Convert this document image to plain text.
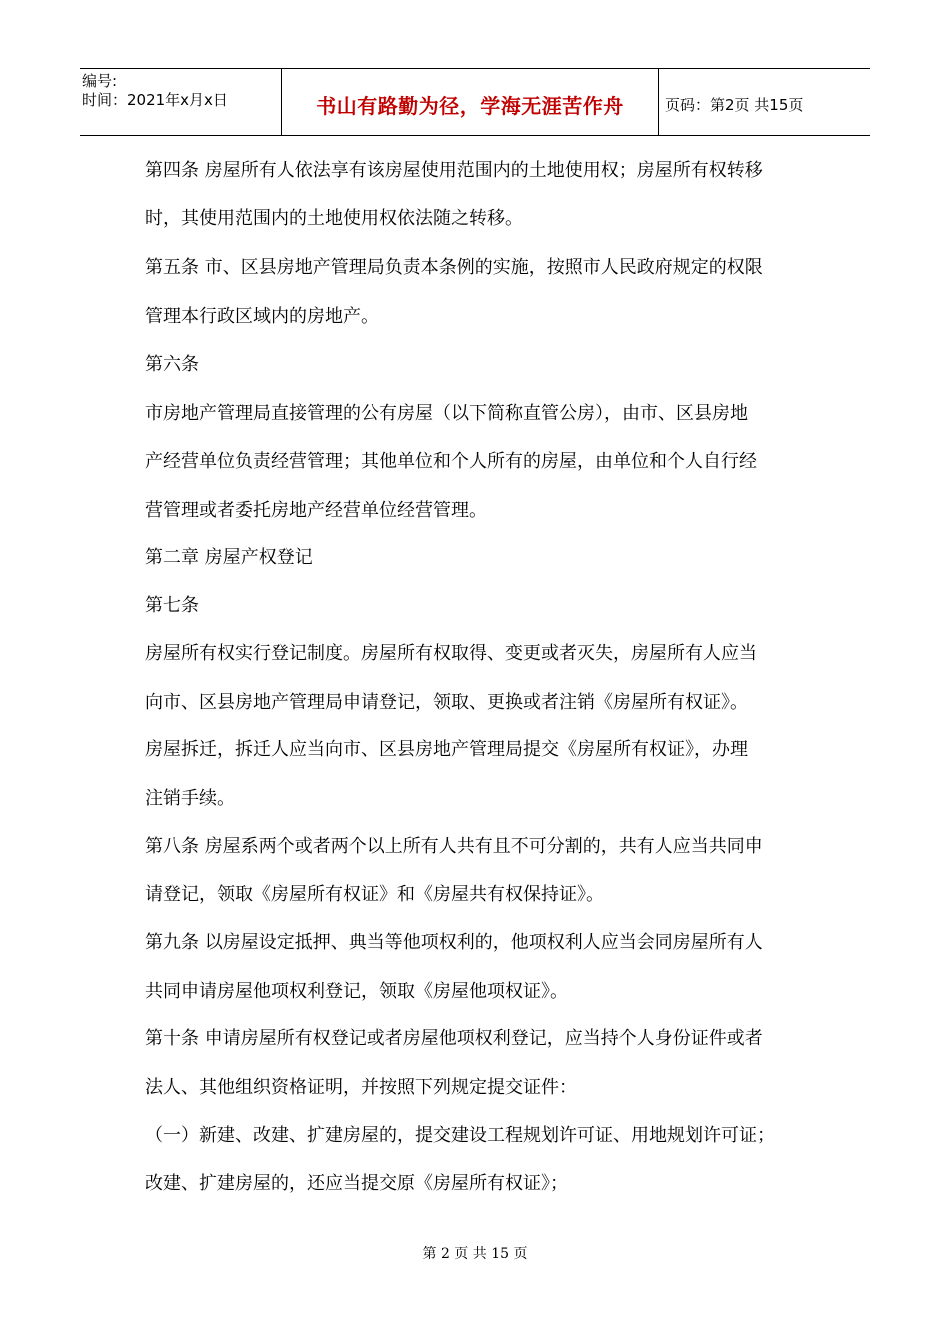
编号:
时间：2021年x月x日	书山有路勤为径，学海无涯苦作舟	页码：第2页 共15页
第四条 房屋所有人依法享有该房屋使用范围内的土地使用权；房屋所有权转移
时，其使用范围内的土地使用权依法随之转移。
第五条 市、区县房地产管理局负责本条例的实施，按照市人民政府规定的权限
管理本行政区域内的房地产。
第六条
市房地产管理局直接管理的公有房屋（以下简称直管公房），由市、区县房地
产经营单位负责经营管理；其他单位和个人所有的房屋，由单位和个人自行经
营管理或者委托房地产经营单位经营管理。
第二章 房屋产权登记
第七条
房屋所有权实行登记制度。房屋所有权取得、变更或者灭失，房屋所有人应当
向市、区县房地产管理局申请登记，领取、更换或者注销《房屋所有权证》。
房屋拆迁，拆迁人应当向市、区县房地产管理局提交《房屋所有权证》，办理
注销手续。
第八条 房屋系两个或者两个以上所有人共有且不可分割的，共有人应当共同申
请登记，领取《房屋所有权证》和《房屋共有权保持证》。
第九条 以房屋设定抵押、典当等他项权利的，他项权利人应当会同房屋所有人
共同申请房屋他项权利登记，领取《房屋他项权证》。
第十条 申请房屋所有权登记或者房屋他项权利登记，应当持个人身份证件或者
法人、其他组织资格证明，并按照下列规定提交证件：
（一）新建、改建、扩建房屋的，提交建设工程规划许可证、用地规划许可证；
改建、扩建房屋的，还应当提交原《房屋所有权证》；
第 2 页 共 15 页
